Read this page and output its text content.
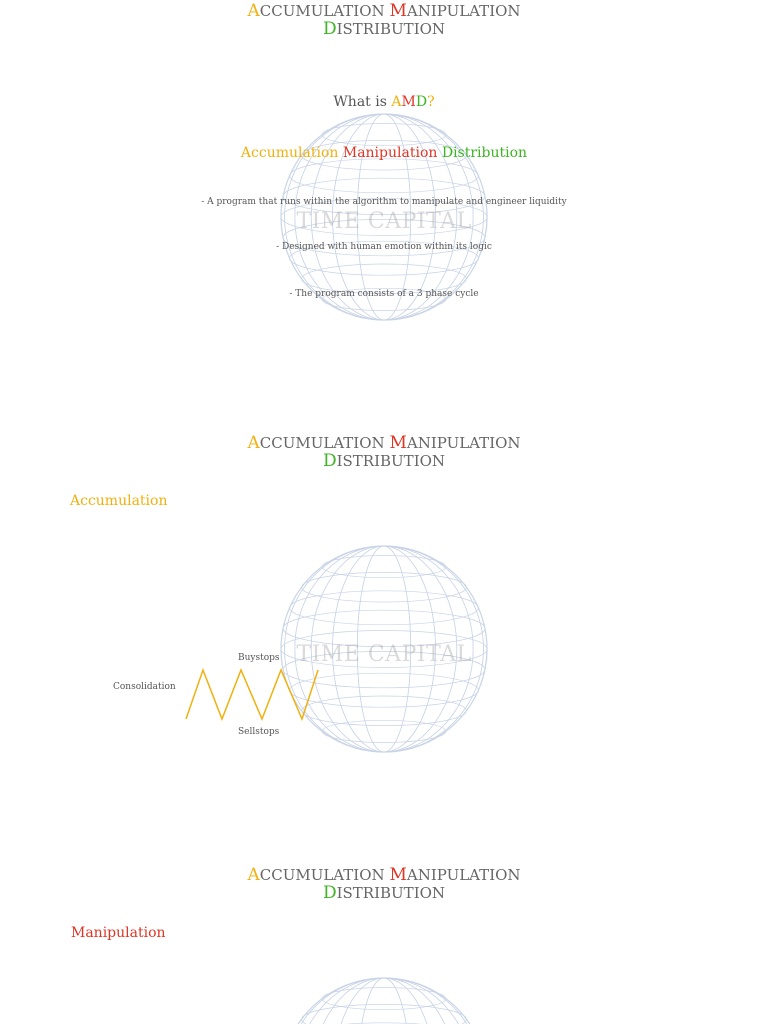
ACCUMULATION MANIPULATION
DISTRIBUTION
TIME CAPITAL
What is AMD?
Accumulation Manipulation Distribution
- A program that runs within the algorithm to manipulate and engineer liquidity
- Designed with human emotion within its logic
- The program consists of a 3 phase cycle
ACCUMULATION MANIPULATION
DISTRIBUTION
Accumulation
TIME CAPITAL
Buystops
Consolidation
Sellstops
ACCUMULATION MANIPULATION
DISTRIBUTION
Manipulation
